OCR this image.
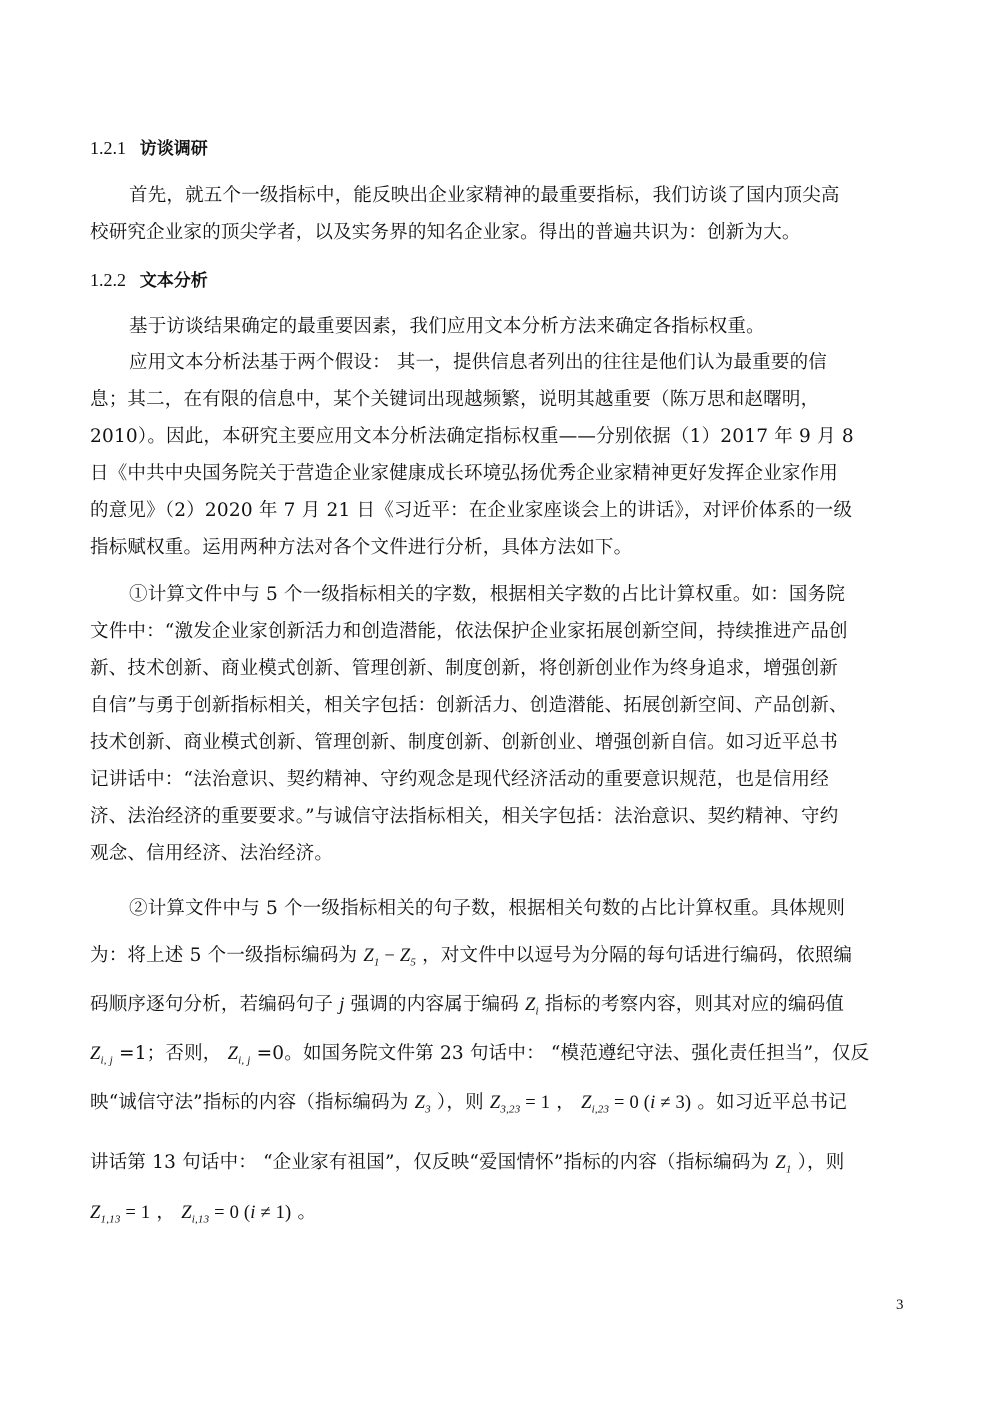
1.2.1 访谈调研
首先，就五个一级指标中，能反映出企业家精神的最重要指标，我们访谈了国内顶尖高
校研究企业家的顶尖学者，以及实务界的知名企业家。得出的普遍共识为：创新为大。
1.2.2 文本分析
基于访谈结果确定的最重要因素，我们应用文本分析方法来确定各指标权重。
应用文本分析法基于两个假设： 其一，提供信息者列出的往往是他们认为最重要的信
息；其二，在有限的信息中，某个关键词出现越频繁，说明其越重要（陈万思和赵曙明，
2010）。因此，本研究主要应用文本分析法确定指标权重——分别依据（1）2017 年 9 月 8
日《中共中央国务院关于营造企业家健康成长环境弘扬优秀企业家精神更好发挥企业家作用
的意见》（2）2020 年 7 月 21 日《习近平：在企业家座谈会上的讲话》，对评价体系的一级
指标赋权重。运用两种方法对各个文件进行分析，具体方法如下。
①计算文件中与 5 个一级指标相关的字数，根据相关字数的占比计算权重。如：国务院
文件中：“激发企业家创新活力和创造潜能，依法保护企业家拓展创新空间，持续推进产品创
新、技术创新、商业模式创新、管理创新、制度创新，将创新创业作为终身追求，增强创新
自信”与勇于创新指标相关，相关字包括：创新活力、创造潜能、拓展创新空间、产品创新、
技术创新、商业模式创新、管理创新、制度创新、创新创业、增强创新自信。如习近平总书
记讲话中：“法治意识、契约精神、守约观念是现代经济活动的重要意识规范，也是信用经
济、法治经济的重要要求。”与诚信守法指标相关，相关字包括：法治意识、契约精神、守约
观念、信用经济、法治经济。
②计算文件中与 5 个一级指标相关的句子数，根据相关句数的占比计算权重。具体规则
为：将上述 5 个一级指标编码为 $Z_1 - Z_5$ ，对文件中以逗号为分隔的每句话进行编码，依照编
码顺序逐句分析，若编码句子 j 强调的内容属于编码 $Z_i$ 指标的考察内容，则其对应的编码值
$Z_{i, j} =1$；否则， $Z_{i, j} =0$。如国务院文件第 23 句话中： “模范遵纪守法、强化责任担当”，仅反
映“诚信守法”指标的内容（指标编码为 $Z_3$ ），则 $Z_{3,23} = 1$ ， $Z_{i,23} = 0$ (i ≠ 3) 。如习近平总书记
讲话第 13 句话中： “企业家有祖国”，仅反映“爱国情怀”指标的内容（指标编码为 $Z_1$ ），则
$Z_{1,13} = 1$ ， $Z_{i,13} = 0$ (i ≠ 1) 。
3
